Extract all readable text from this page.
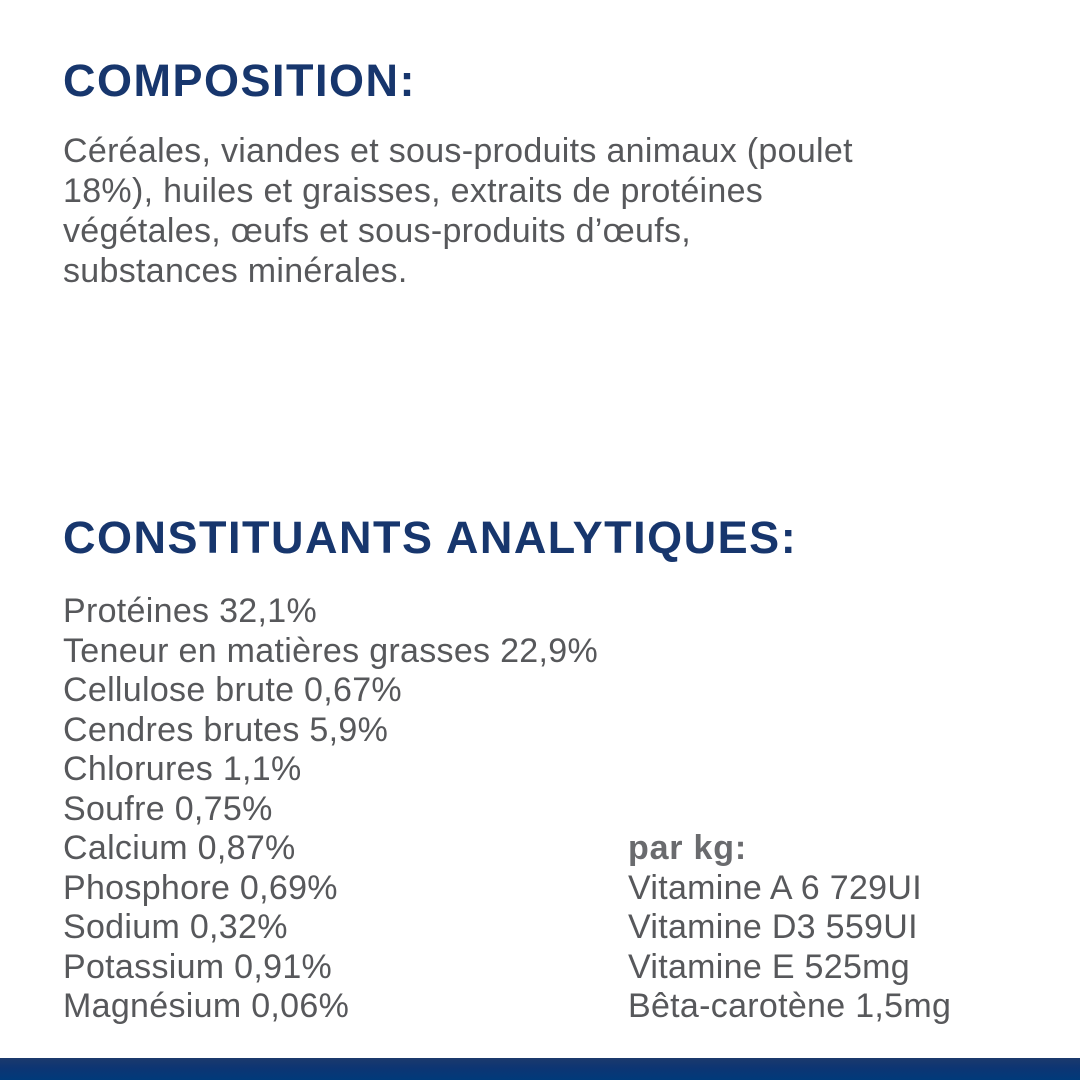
COMPOSITION:
Céréales, viandes et sous-produits animaux (poulet
18%), huiles et graisses, extraits de protéines
végétales, œufs et sous-produits d’œufs,
substances minérales.
CONSTITUANTS ANALYTIQUES:
Protéines 32,1%
Teneur en matières grasses 22,9%
Cellulose brute 0,67%
Cendres brutes 5,9%
Chlorures 1,1%
Soufre 0,75%
Calcium 0,87%
Phosphore 0,69%
Sodium 0,32%
Potassium 0,91%
Magnésium 0,06%
par kg:
Vitamine A 6 729UI
Vitamine D3 559UI
Vitamine E 525mg
Bêta-carotène 1,5mg
